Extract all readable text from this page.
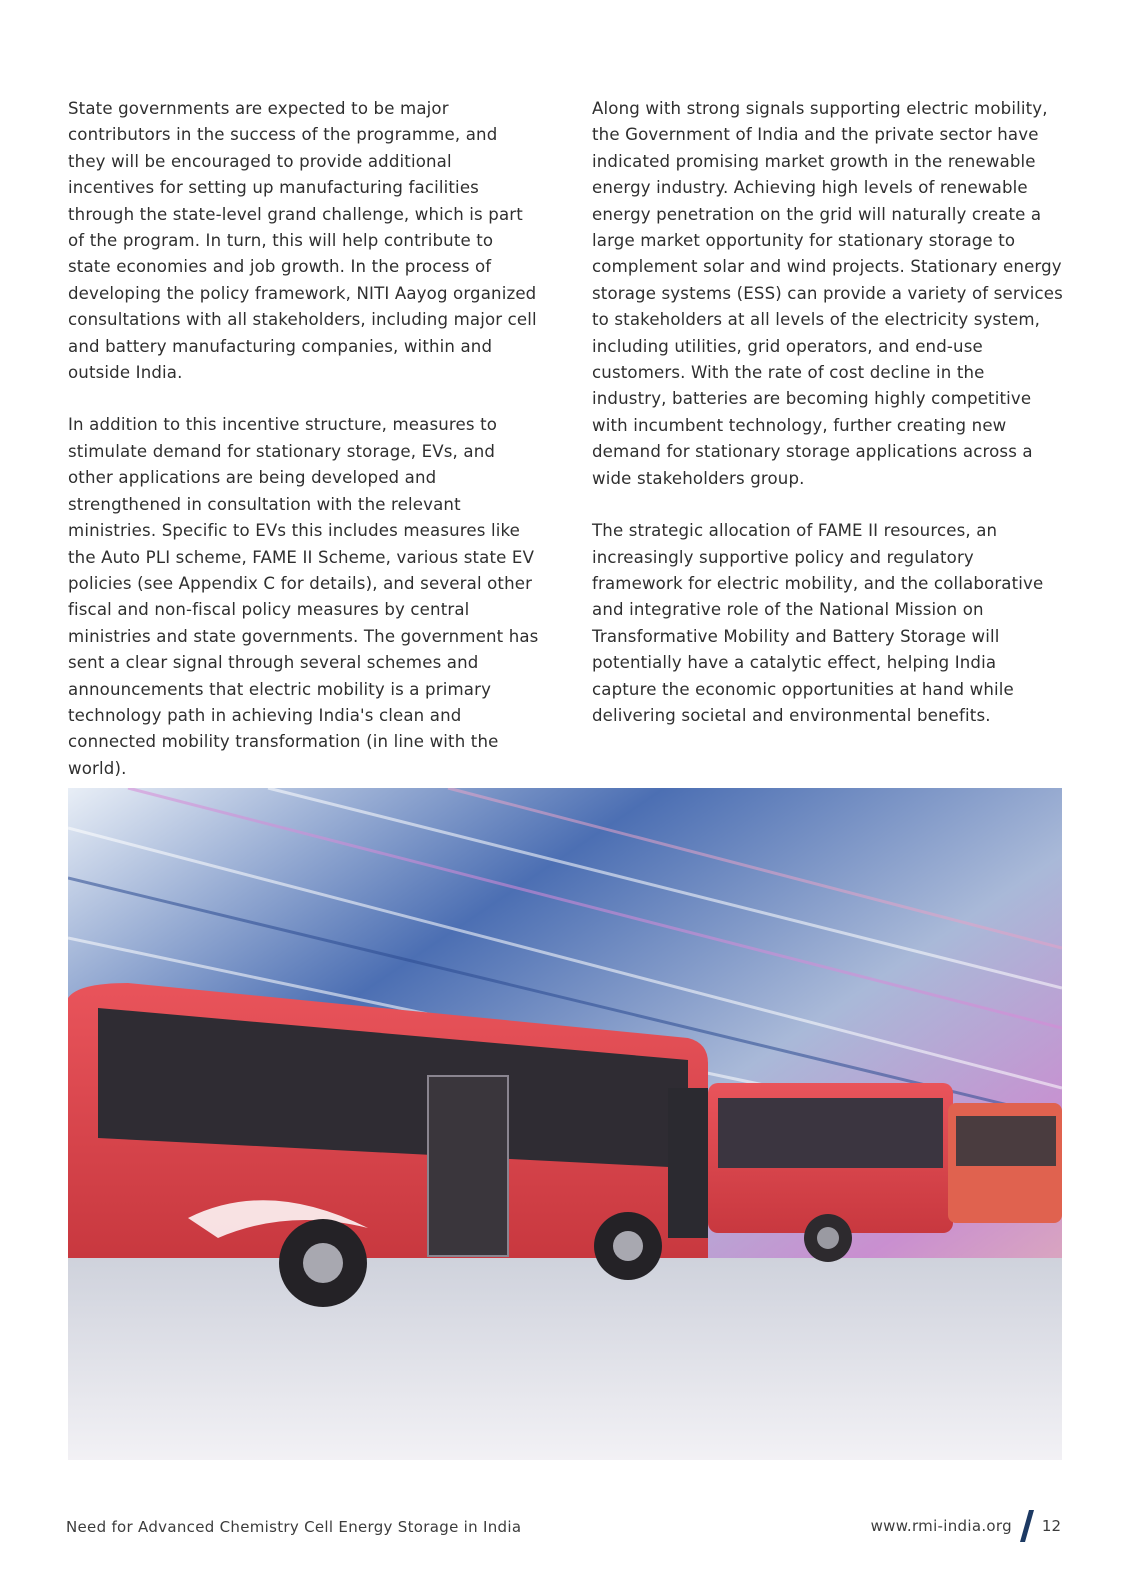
State governments are expected to be major contributors in the success of the programme, and they will be encouraged to provide additional incentives for setting up manufacturing facilities through the state-level grand challenge, which is part of the program. In turn, this will help contribute to state economies and job growth. In the process of developing the policy framework, NITI Aayog organized consultations with all stakeholders, including major cell and battery manufacturing companies, within and outside India.

In addition to this incentive structure, measures to stimulate demand for stationary storage, EVs, and other applications are being developed and strengthened in consultation with the relevant ministries. Specific to EVs this includes measures like the Auto PLI scheme, FAME II Scheme, various state EV policies (see Appendix C for details), and several other fiscal and non-fiscal policy measures by central ministries and state governments. The government has sent a clear signal through several schemes and announcements that electric mobility is a primary technology path in achieving India's clean and connected mobility transformation (in line with the world).

Along with strong signals supporting electric mobility, the Government of India and the private sector have indicated promising market growth in the renewable energy industry. Achieving high levels of renewable energy penetration on the grid will naturally create a large market opportunity for stationary storage to complement solar and wind projects. Stationary energy storage systems (ESS) can provide a variety of services to stakeholders at all levels of the electricity system, including utilities, grid operators, and end-use customers. With the rate of cost decline in the industry, batteries are becoming highly competitive with incumbent technology, further creating new demand for stationary storage applications across a wide stakeholders group.

The strategic allocation of FAME II resources, an increasingly supportive policy and regulatory framework for electric mobility, and the collaborative and integrative role of the National Mission on Transformative Mobility and Battery Storage will potentially have a catalytic effect, helping India capture the economic opportunities at hand while delivering societal and environmental benefits.

Need for Advanced Chemistry Cell Energy Storage in India	www.rmi-india.org 12
